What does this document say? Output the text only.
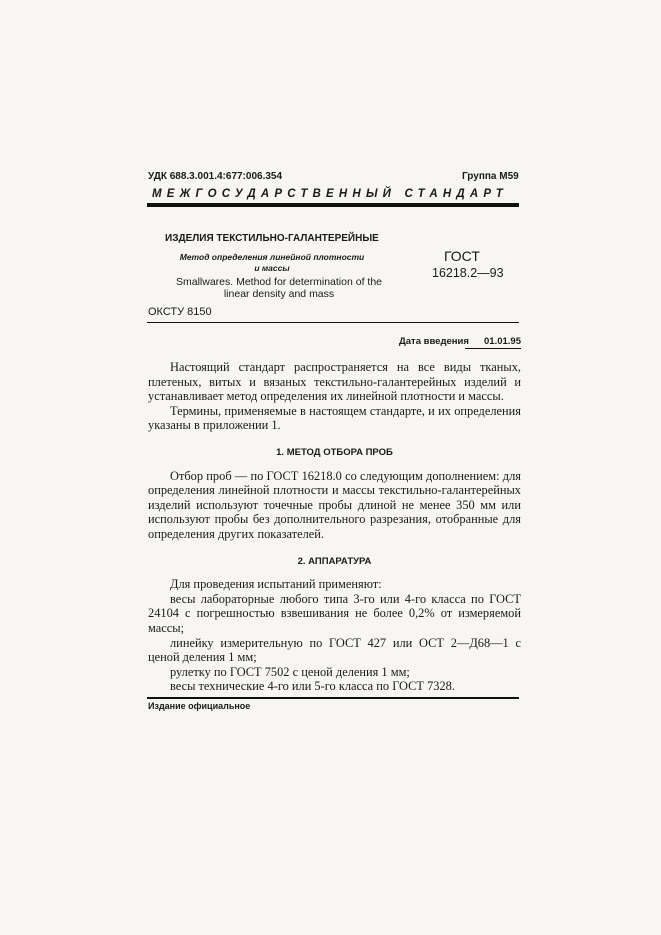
УДК 688.3.001.4:677:006.354	Группа М59
МЕЖГОСУДАРСТВЕННЫЙ СТАНДАРТ
ИЗДЕЛИЯ ТЕКСТИЛЬНО-ГАЛАНТЕРЕЙНЫЕ
Метод определения линейной плотности
и массы
Smallwares. Method for determination of the
linear density and mass
ГОСТ
16218.2—93
ОКСТУ 8150
Дата введения 01.01.95

Настоящий стандарт распространяется на все виды тканых, плетеных, витых и вязаных текстильно-галантерейных изделий и устанавливает метод определения их линейной плотности и массы.

Термины, применяемые в настоящем стандарте, и их определения указаны в приложении 1.

1. МЕТОД ОТБОРА ПРОБ

Отбор проб — по ГОСТ 16218.0 со следующим дополнением: для определения линейной плотности и массы текстильно-галантерейных изделий используют точечные пробы длиной не менее 350 мм или используют пробы без дополнительного разрезания, отобранные для определения других показателей.

2. АППАРАТУРА

Для проведения испытаний применяют:

весы лабораторные любого типа 3-го или 4-го класса по ГОСТ 24104 с погрешностью взвешивания не более 0,2% от измеряемой массы;

линейку измерительную по ГОСТ 427 или ОСТ 2—Д68—1 с ценой деления 1 мм;

рулетку по ГОСТ 7502 с ценой деления 1 мм;

весы технические 4-го или 5-го класса по ГОСТ 7328.

Издание официальное
